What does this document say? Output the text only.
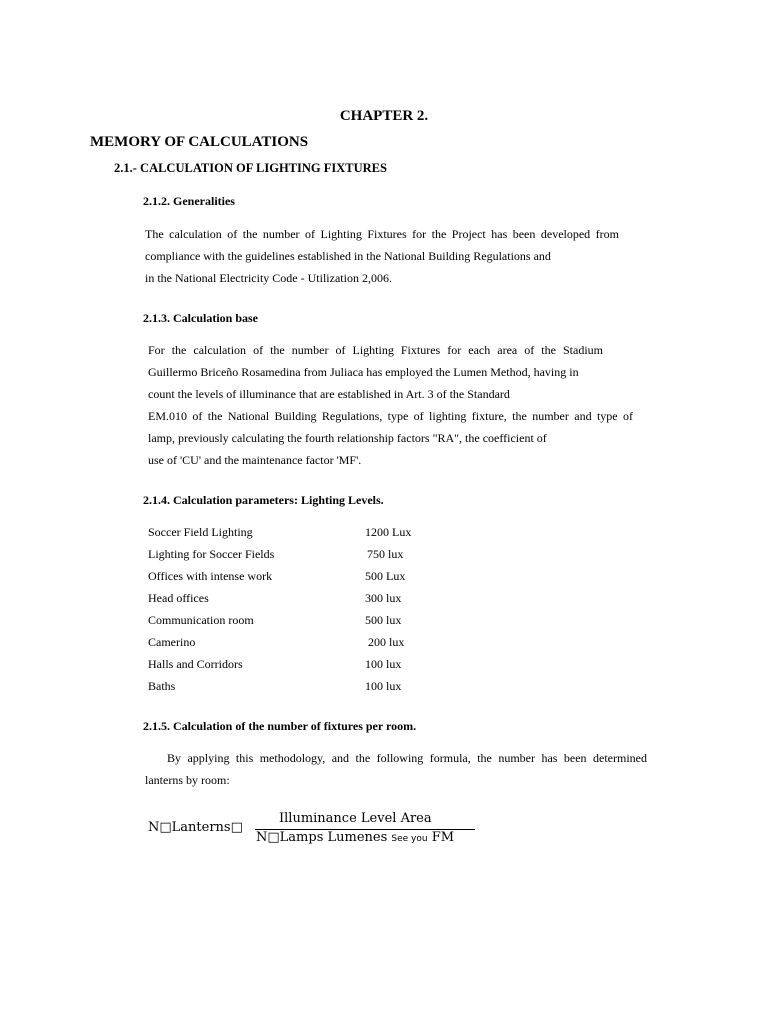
CHAPTER 2.
MEMORY OF CALCULATIONS
2.1.- CALCULATION OF LIGHTING FIXTURES
2.1.2. Generalities
The calculation of the number of Lighting Fixtures for the Project has been developed from
compliance with the guidelines established in the National Building Regulations and
in the National Electricity Code - Utilization 2,006.
2.1.3. Calculation base
For the calculation of the number of Lighting Fixtures for each area of the Stadium
Guillermo Briceño Rosamedina from Juliaca has employed the Lumen Method, having in
count the levels of illuminance that are established in Art. 3 of the Standard
EM.010 of the National Building Regulations, type of lighting fixture, the number and type of
lamp, previously calculating the fourth relationship factors "RA", the coefficient of
use of 'CU' and the maintenance factor 'MF'.
2.1.4. Calculation parameters: Lighting Levels.
Soccer Field Lighting	1200 Lux
Lighting for Soccer Fields	750 lux
Offices with intense work	500 Lux
Head offices	300 lux
Communication room	500 lux
Camerino	200 lux
Halls and Corridors	100 lux
Baths	100 lux
2.1.5. Calculation of the number of fixtures per room.
By applying this methodology, and the following formula, the number has been determined
lanterns by room:
N□Lanterns□
Illuminance Level Area
N□Lamps Lumenes See you FM
